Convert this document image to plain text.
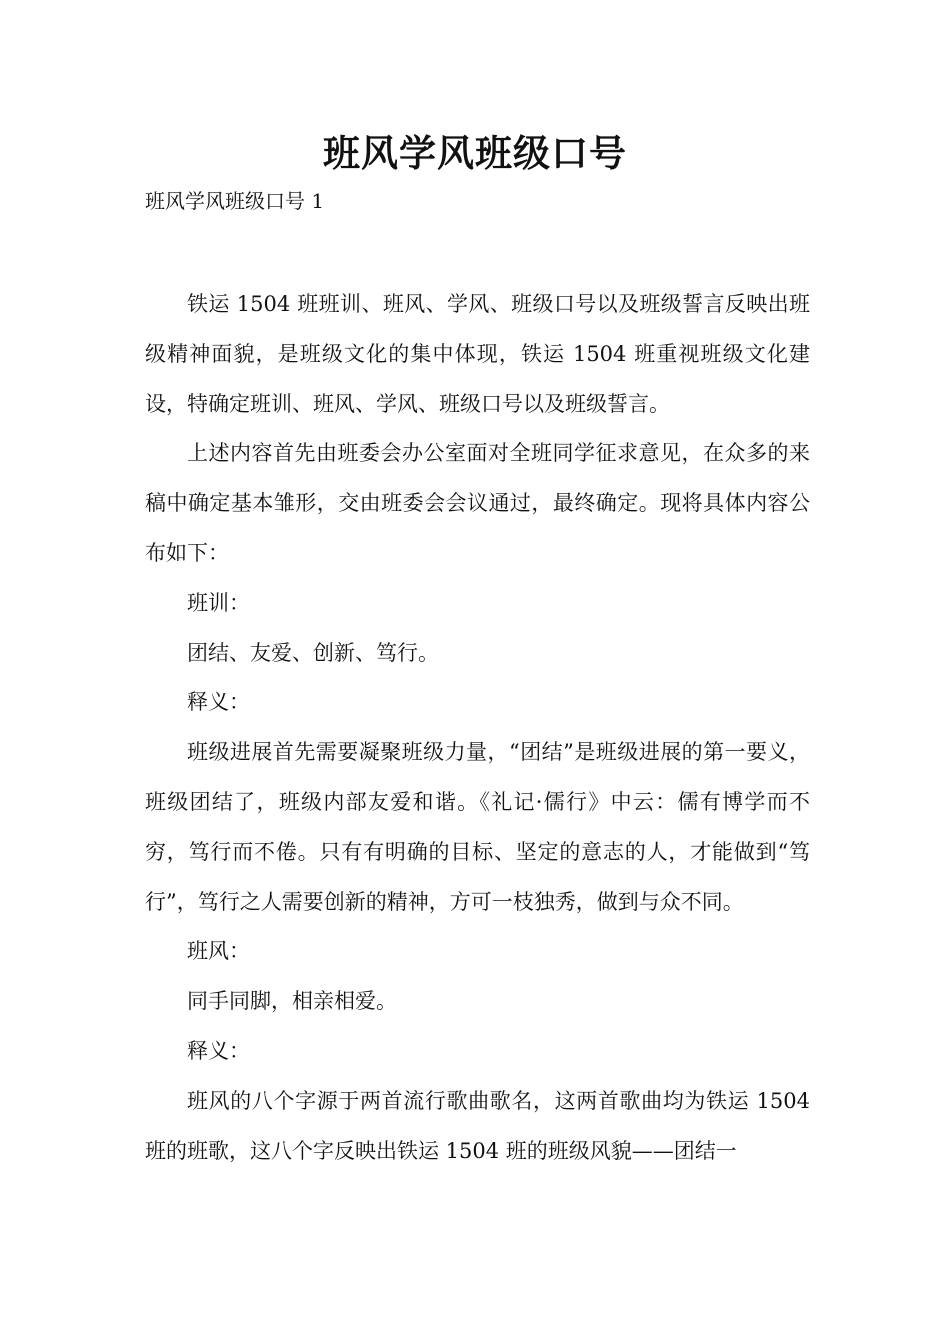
班风学风班级口号
班风学风班级口号 1

铁运 1504 班班训、班风、学风、班级口号以及班级誓言反映出班级精神面貌，是班级文化的集中体现，铁运 1504 班重视班级文化建设，特确定班训、班风、学风、班级口号以及班级誓言。

上述内容首先由班委会办公室面对全班同学征求意见，在众多的来稿中确定基本雏形，交由班委会会议通过，最终确定。现将具体内容公布如下：

班训：

团结、友爱、创新、笃行。

释义：

班级进展首先需要凝聚班级力量，“团结”是班级进展的第一要义，班级团结了，班级内部友爱和谐。《礼记·儒行》中云：儒有博学而不穷，笃行而不倦。只有有明确的目标、坚定的意志的人，才能做到“笃行”，笃行之人需要创新的精神，方可一枝独秀，做到与众不同。

班风：

同手同脚，相亲相爱。

释义：

班风的八个字源于两首流行歌曲歌名，这两首歌曲均为铁运 1504 班的班歌，这八个字反映出铁运 1504 班的班级风貌——团结一
